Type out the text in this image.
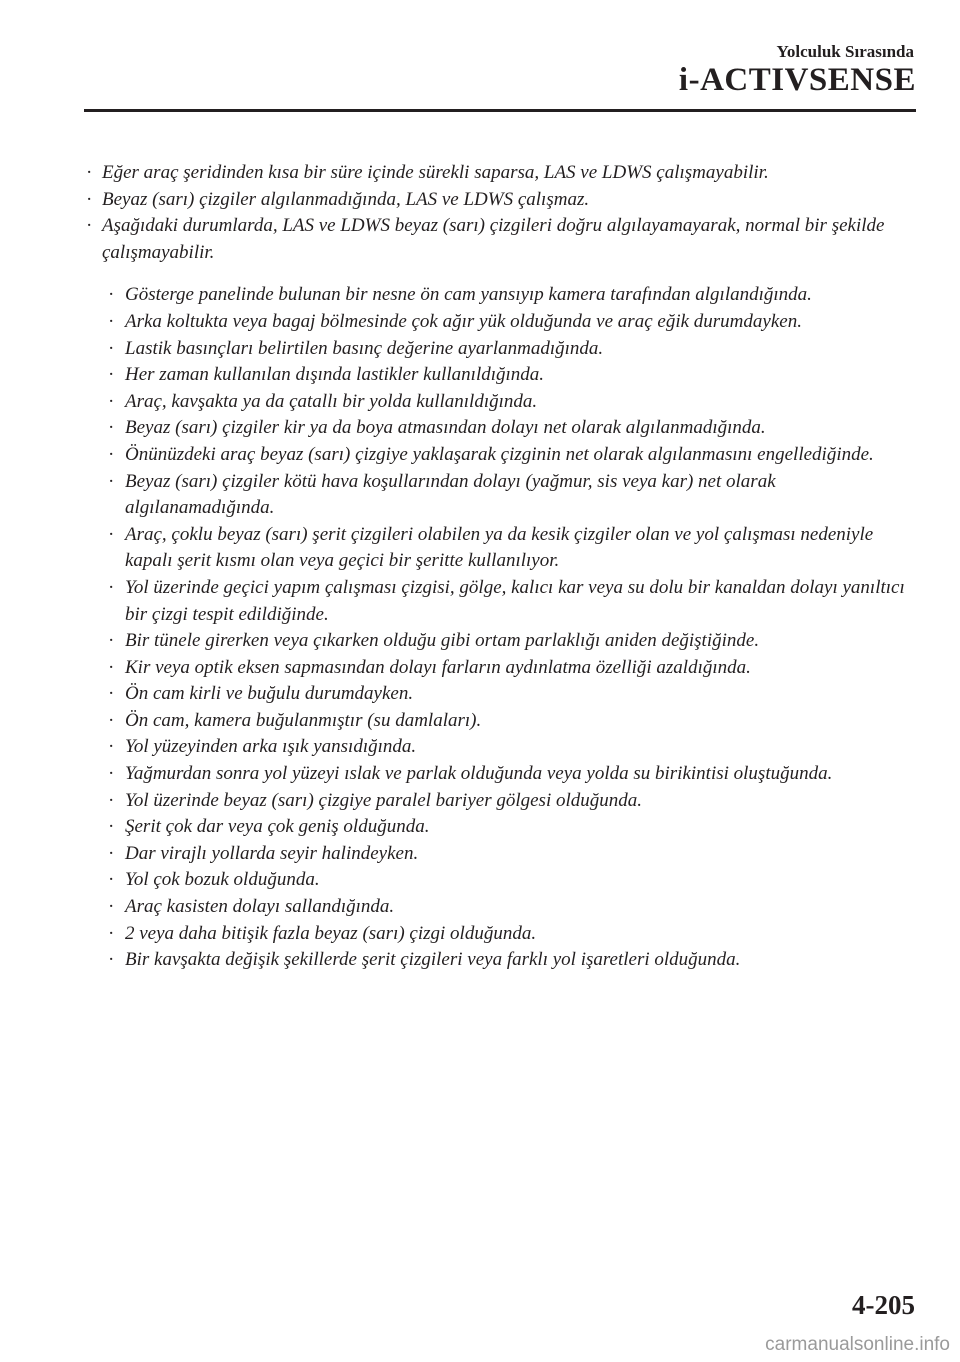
Yolculuk Sırasında
i-ACTIVSENSE
· Eğer araç şeridinden kısa bir süre içinde sürekli saparsa, LAS ve LDWS çalışmayabilir.
· Beyaz (sarı) çizgiler algılanmadığında, LAS ve LDWS çalışmaz.
· Aşağıdaki durumlarda, LAS ve LDWS beyaz (sarı) çizgileri doğru algılayamayarak, normal bir şekilde çalışmayabilir.
· Gösterge panelinde bulunan bir nesne ön cam yansıyıp kamera tarafından algılandığında.
· Arka koltukta veya bagaj bölmesinde çok ağır yük olduğunda ve araç eğik durumdayken.
· Lastik basınçları belirtilen basınç değerine ayarlanmadığında.
· Her zaman kullanılan dışında lastikler kullanıldığında.
· Araç, kavşakta ya da çatallı bir yolda kullanıldığında.
· Beyaz (sarı) çizgiler kir ya da boya atmasından dolayı net olarak algılanmadığında.
· Önünüzdeki araç beyaz (sarı) çizgiye yaklaşarak çizginin net olarak algılanmasını engellediğinde.
· Beyaz (sarı) çizgiler kötü hava koşullarından dolayı (yağmur, sis veya kar) net olarak algılanamadığında.
· Araç, çoklu beyaz (sarı) şerit çizgileri olabilen ya da kesik çizgiler olan ve yol çalışması nedeniyle kapalı şerit kısmı olan veya geçici bir şeritte kullanılıyor.
· Yol üzerinde geçici yapım çalışması çizgisi, gölge, kalıcı kar veya su dolu bir kanaldan dolayı yanıltıcı bir çizgi tespit edildiğinde.
· Bir tünele girerken veya çıkarken olduğu gibi ortam parlaklığı aniden değiştiğinde.
· Kir veya optik eksen sapmasından dolayı farların aydınlatma özelliği azaldığında.
· Ön cam kirli ve buğulu durumdayken.
· Ön cam, kamera buğulanmıştır (su damlaları).
· Yol yüzeyinden arka ışık yansıdığında.
· Yağmurdan sonra yol yüzeyi ıslak ve parlak olduğunda veya yolda su birikintisi oluştuğunda.
· Yol üzerinde beyaz (sarı) çizgiye paralel bariyer gölgesi olduğunda.
· Şerit çok dar veya çok geniş olduğunda.
· Dar virajlı yollarda seyir halindeyken.
· Yol çok bozuk olduğunda.
· Araç kasisten dolayı sallandığında.
· 2 veya daha bitişik fazla beyaz (sarı) çizgi olduğunda.
· Bir kavşakta değişik şekillerde şerit çizgileri veya farklı yol işaretleri olduğunda.
4-205
carmanualsonline.info
